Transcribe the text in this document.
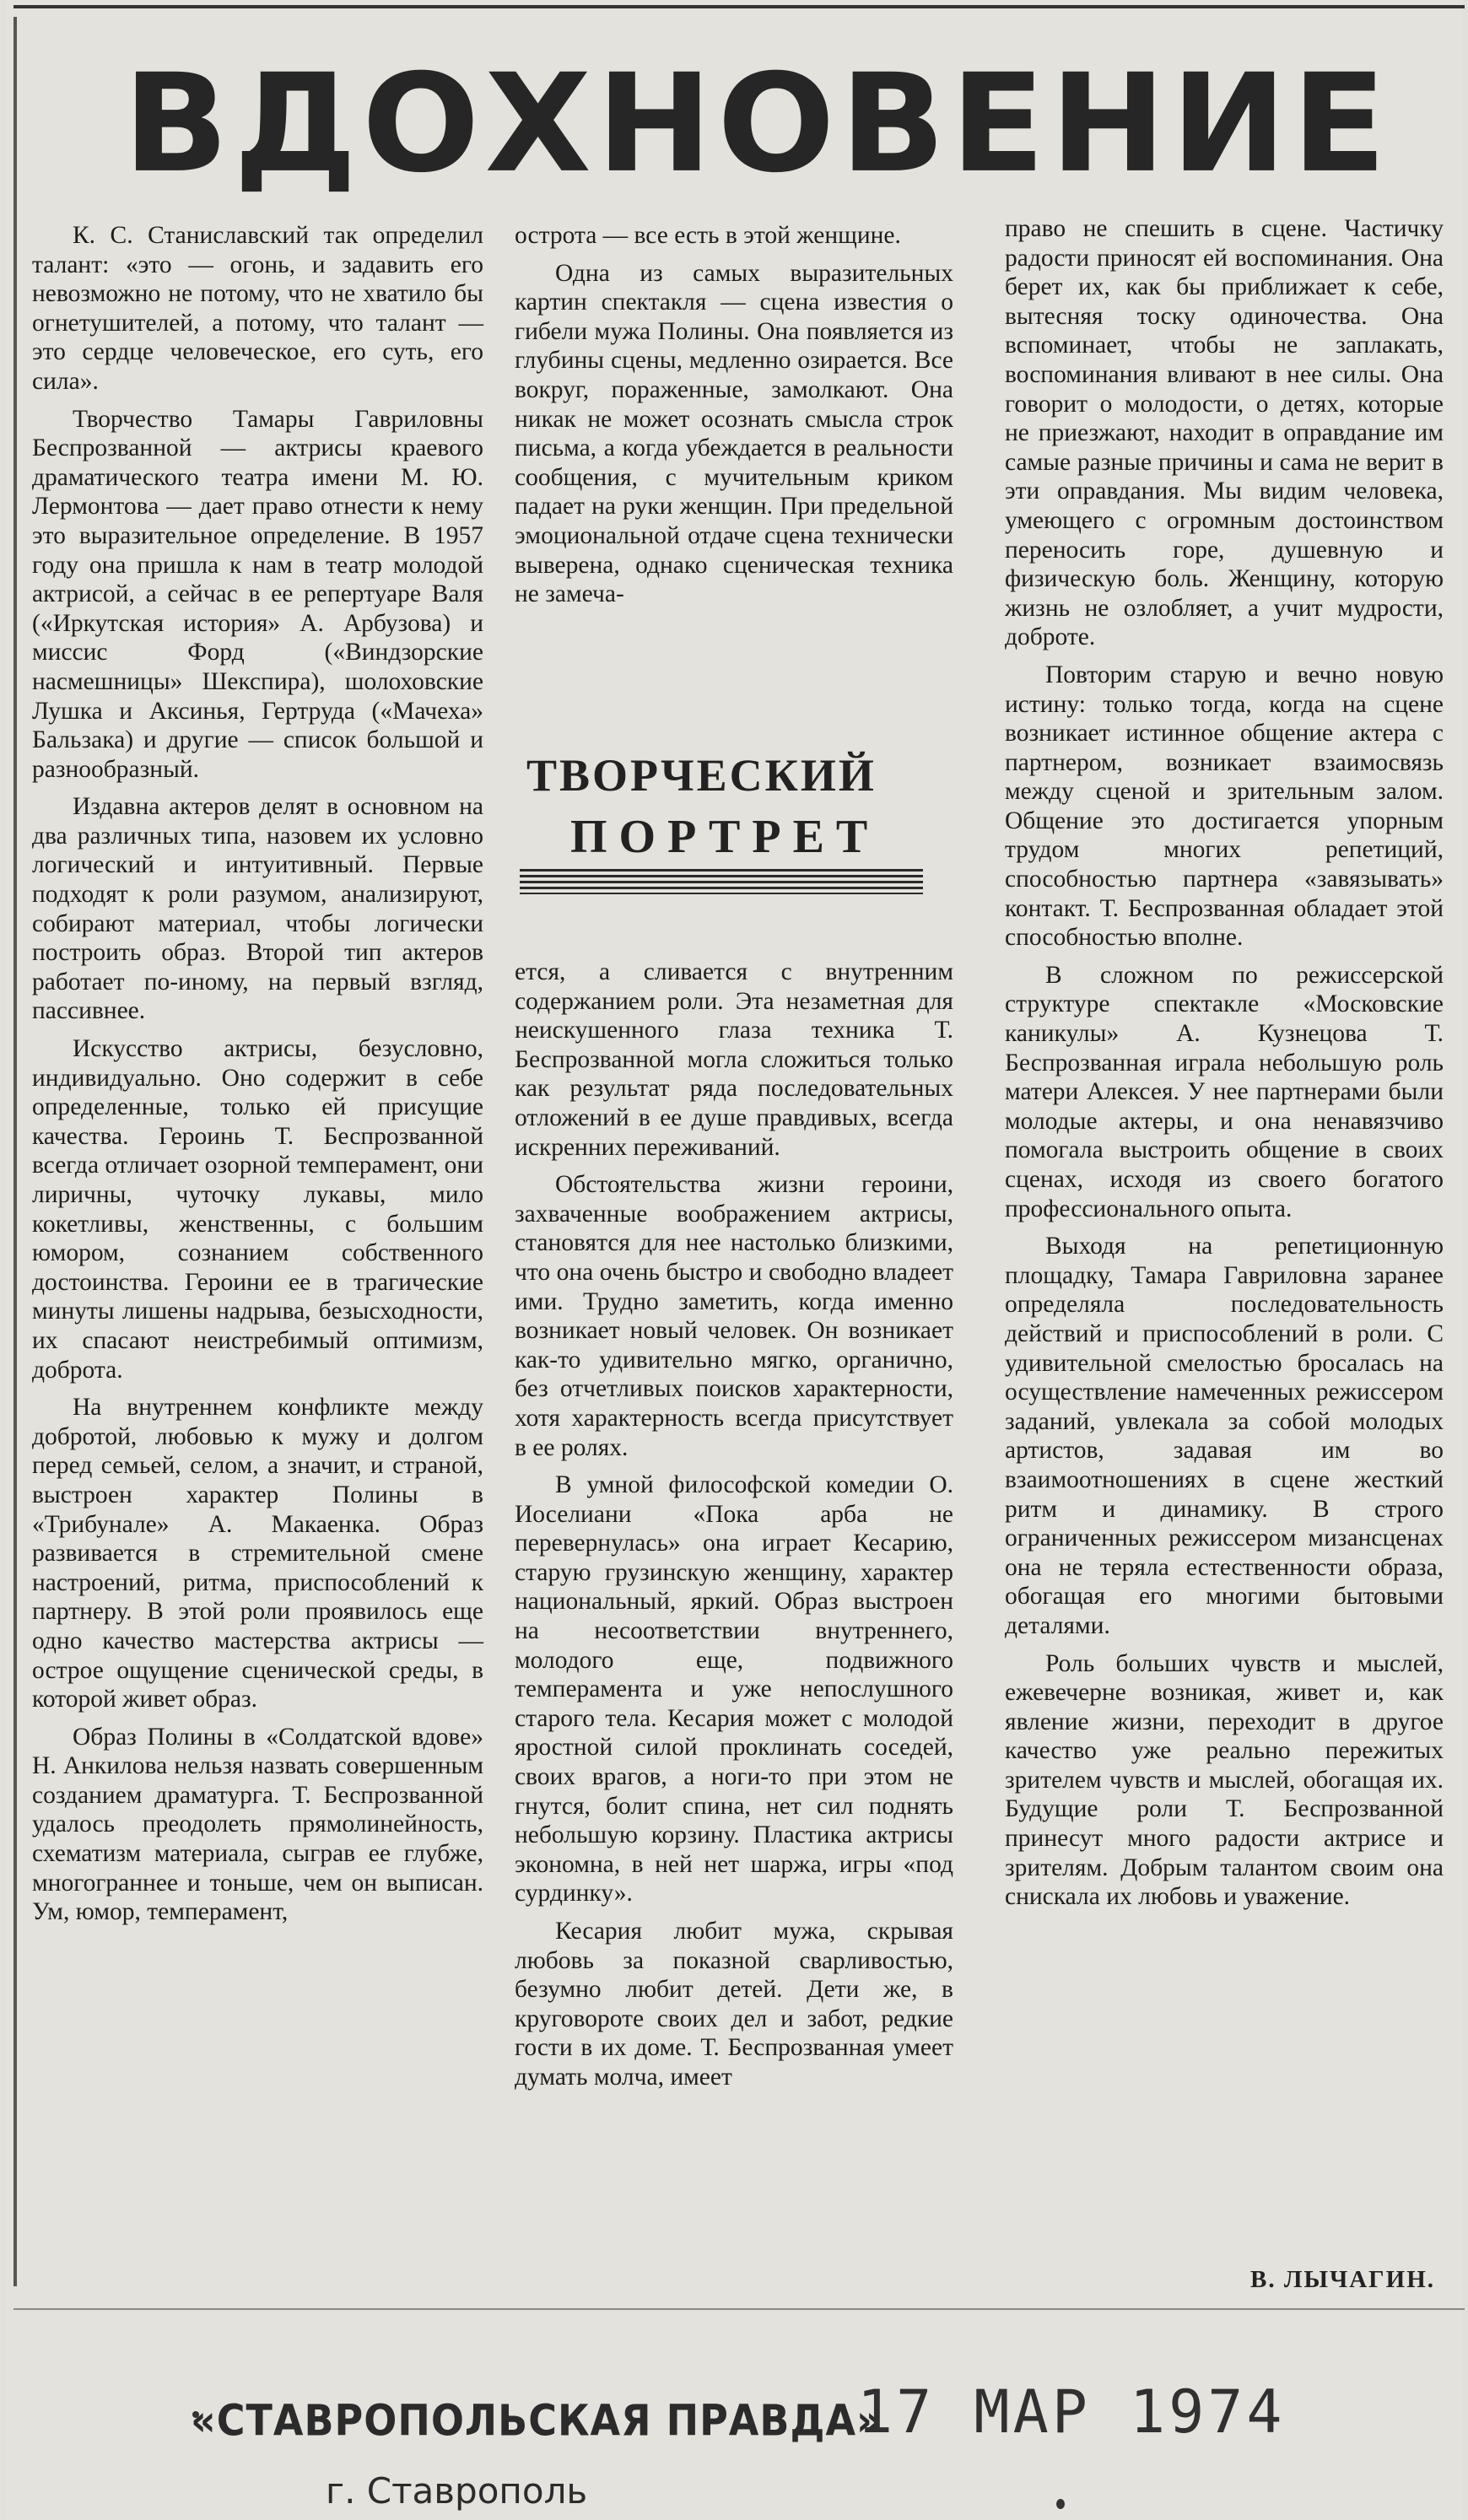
ВДОХНОВЕНИЕ

К. С. Станиславский так определил талант: «это — огонь, и задавить его невозможно не потому, что не хватило бы огнетушителей, а потому, что талант — это сердце человеческое, его суть, его сила».

Творчество Тамары Гавриловны Беспрозванной — актрисы краевого драматического театра имени М. Ю. Лермонтова — дает право отнести к нему это выразительное определение. В 1957 году она пришла к нам в театр молодой актрисой, а сейчас в ее репертуаре Валя («Иркутская история» А. Арбузова) и миссис Форд («Виндзорские насмешницы» Шекспира), шолоховские Лушка и Аксинья, Гертруда («Мачеха» Бальзака) и другие — список большой и разнообразный.

Издавна актеров делят в основном на два различных типа, назовем их условно логический и интуитивный. Первые подходят к роли разумом, анализируют, собирают материал, чтобы логически построить образ. Второй тип актеров работает по-иному, на первый взгляд, пассивнее.

Искусство актрисы, безусловно, индивидуально. Оно содержит в себе определенные, только ей присущие качества. Героинь Т. Беспрозванной всегда отличает озорной темперамент, они лиричны, чуточку лукавы, мило кокетливы, женственны, с большим юмором, сознанием собственного достоинства. Героини ее в трагические минуты лишены надрыва, безысходности, их спасают неистребимый оптимизм, доброта.

На внутреннем конфликте между добротой, любовью к мужу и долгом перед семьей, селом, а значит, и страной, выстроен характер Полины в «Трибунале» А. Макаенка. Образ развивается в стремительной смене настроений, ритма, приспособлений к партнеру. В этой роли проявилось еще одно качество мастерства актрисы — острое ощущение сценической среды, в которой живет образ.

Образ Полины в «Солдатской вдове» Н. Анкилова нельзя назвать совершенным созданием драматурга. Т. Беспрозванной удалось преодолеть прямолинейность, схематизм материала, сыграв ее глубже, многограннее и тоньше, чем он выписан. Ум, юмор, темперамент,

острота — все есть в этой женщине.

Одна из самых выразительных картин спектакля — сцена известия о гибели мужа Полины. Она появляется из глубины сцены, медленно озирается. Все вокруг, пораженные, замолкают. Она никак не может осознать смысла строк письма, а когда убеждается в реальности сообщения, с мучительным криком падает на руки женщин. При предельной эмоциональной отдаче сцена технически выверена, однако сценическая техника не замеча-

ТВОРЧЕСКИЙ
ПОРТРЕТ

ется, а сливается с внутренним содержанием роли. Эта незаметная для неискушенного глаза техника Т. Беспрозванной могла сложиться только как результат ряда последовательных отложений в ее душе правдивых, всегда искренних переживаний.

Обстоятельства жизни героини, захваченные воображением актрисы, становятся для нее настолько близкими, что она очень быстро и свободно владеет ими. Трудно заметить, когда именно возникает новый человек. Он возникает как-то удивительно мягко, органично, без отчетливых поисков характерности, хотя характерность всегда присутствует в ее ролях.

В умной философской комедии О. Иоселиани «Пока арба не перевернулась» она играет Кесарию, старую грузинскую женщину, характер национальный, яркий. Образ выстроен на несоответствии внутреннего, молодого еще, подвижного темперамента и уже непослушного старого тела. Кесария может с молодой яростной силой проклинать соседей, своих врагов, а ноги-то при этом не гнутся, болит спина, нет сил поднять небольшую корзину. Пластика актрисы экономна, в ней нет шаржа, игры «под сурдинку».

Кесария любит мужа, скрывая любовь за показной сварливостью, безумно любит детей. Дети же, в круговороте своих дел и забот, редкие гости в их доме. Т. Беспрозванная умеет думать молча, имеет

право не спешить в сцене. Частичку радости приносят ей воспоминания. Она берет их, как бы приближает к себе, вытесняя тоску одиночества. Она вспоминает, чтобы не заплакать, воспоминания вливают в нее силы. Она говорит о молодости, о детях, которые не приезжают, находит в оправдание им самые разные причины и сама не верит в эти оправдания. Мы видим человека, умеющего с огромным достоинством переносить горе, душевную и физическую боль. Женщину, которую жизнь не озлобляет, а учит мудрости, доброте.

Повторим старую и вечно новую истину: только тогда, когда на сцене возникает истинное общение актера с партнером, возникает взаимосвязь между сценой и зрительным залом. Общение это достигается упорным трудом многих репетиций, способностью партнера «завязывать» контакт. Т. Беспрозванная обладает этой способностью вполне.

В сложном по режиссерской структуре спектакле «Московские каникулы» А. Кузнецова Т. Беспрозванная играла небольшую роль матери Алексея. У нее партнерами были молодые актеры, и она ненавязчиво помогала выстроить общение в своих сценах, исходя из своего богатого профессионального опыта.

Выходя на репетиционную площадку, Тамара Гавриловна заранее определяла последовательность действий и приспособлений в роли. С удивительной смелостью бросалась на осуществление намеченных режиссером заданий, увлекала за собой молодых артистов, задавая им во взаимоотношениях в сцене жесткий ритм и динамику. В строго ограниченных режиссером мизансценах она не теряла естественности образа, обогащая его многими бытовыми деталями.

Роль больших чувств и мыслей, ежевечерне возникая, живет и, как явление жизни, переходит в другое качество уже реально пережитых зрителем чувств и мыслей, обогащая их. Будущие роли Т. Беспрозванной принесут много радости актрисе и зрителям. Добрым талантом своим она снискала их любовь и уважение.

В. ЛЫЧАГИН.
«СТАВРОПОЛЬСКАЯ ПРАВДА»
17 МАР 1974
г. Ставрополь
